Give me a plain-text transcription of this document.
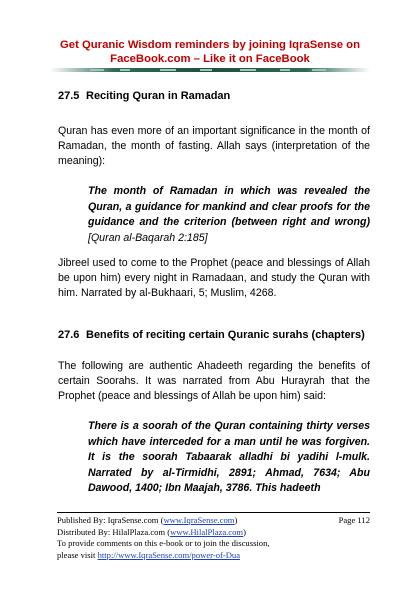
Get Quranic Wisdom reminders by joining IqraSense on
FaceBook.com – Like it on FaceBook
27.5 Reciting Quran in Ramadan

Quran has even more of an important significance in the month of Ramadan, the month of fasting. Allah says (interpretation of the meaning):

The month of Ramadan in which was revealed the Quran, a guidance for mankind and clear proofs for the guidance and the criterion (between right and wrong) [Quran al-Baqarah 2:185]

Jibreel used to come to the Prophet (peace and blessings of Allah be upon him) every night in Ramadaan, and study the Quran with him. Narrated by al-Bukhaari, 5; Muslim, 4268.

27.6 Benefits of reciting certain Quranic surahs (chapters)

The following are authentic Ahadeeth regarding the benefits of certain Soorahs. It was narrated from Abu Hurayrah that the Prophet (peace and blessings of Allah be upon him) said:

There is a soorah of the Quran containing thirty verses which have interceded for a man until he was forgiven. It is the soorah Tabaarak alladhi bi yadihi l-mulk. Narrated by al-Tirmidhi, 2891; Ahmad, 7634; Abu Dawood, 1400; Ibn Maajah, 3786. This hadeeth

Page 112
Published By: IqraSense.com (www.IqraSense.com)
Distributed By: HilalPlaza.com (www.HilalPlaza.com)
To provide comments on this e-book or to join the discussion,
please visit http://www.IqraSense.com/power-of-Dua
